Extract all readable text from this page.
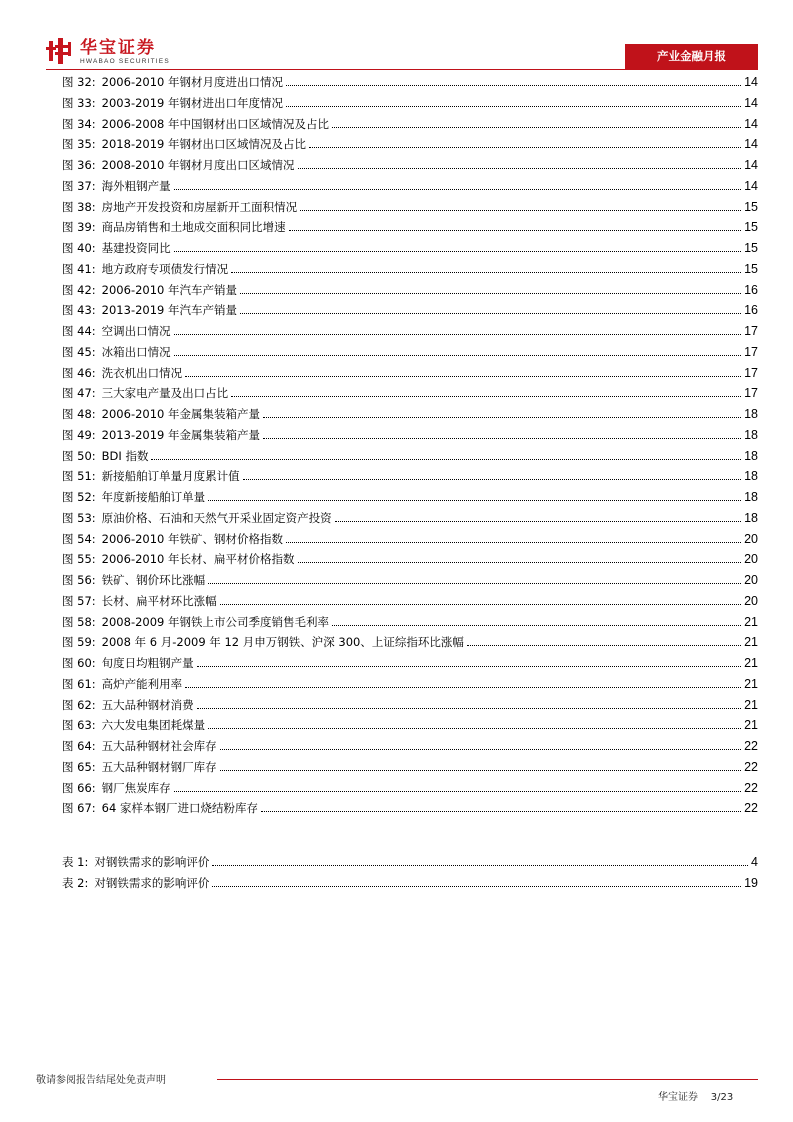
华宝证券
HWABAO SECURITIES	产业金融月报
图 32: 2006-2010 年钢材月度进出口情况	14
图 33: 2003-2019 年钢材进出口年度情况	14
图 34: 2006-2008 年中国钢材出口区域情况及占比	14
图 35: 2018-2019 年钢材出口区域情况及占比	14
图 36: 2008-2010 年钢材月度出口区域情况	14
图 37: 海外粗钢产量	14
图 38: 房地产开发投资和房屋新开工面积情况	15
图 39: 商品房销售和土地成交面积同比增速	15
图 40: 基建投资同比	15
图 41: 地方政府专项债发行情况	15
图 42: 2006-2010 年汽车产销量	16
图 43: 2013-2019 年汽车产销量	16
图 44: 空调出口情况	17
图 45: 冰箱出口情况	17
图 46: 洗衣机出口情况	17
图 47: 三大家电产量及出口占比	17
图 48: 2006-2010 年金属集装箱产量	18
图 49: 2013-2019 年金属集装箱产量	18
图 50: BDI 指数	18
图 51: 新接船舶订单量月度累计值	18
图 52: 年度新接船舶订单量	18
图 53: 原油价格、石油和天然气开采业固定资产投资	18
图 54: 2006-2010 年铁矿、钢材价格指数	20
图 55: 2006-2010 年长材、扁平材价格指数	20
图 56: 铁矿、钢价环比涨幅	20
图 57: 长材、扁平材环比涨幅	20
图 58: 2008-2009 年钢铁上市公司季度销售毛利率	21
图 59: 2008 年 6 月-2009 年 12 月申万钢铁、沪深 300、上证综指环比涨幅	21
图 60: 旬度日均粗钢产量	21
图 61: 高炉产能利用率	21
图 62: 五大品种钢材消费	21
图 63: 六大发电集团耗煤量	21
图 64: 五大品种钢材社会库存	22
图 65: 五大品种钢材钢厂库存	22
图 66: 钢厂焦炭库存	22
图 67: 64 家样本钢厂进口烧结粉库存	22
表 1: 对钢铁需求的影响评价	4
表 2: 对钢铁需求的影响评价	19
敬请参阅报告结尾处免责声明
华宝证券 3/23
